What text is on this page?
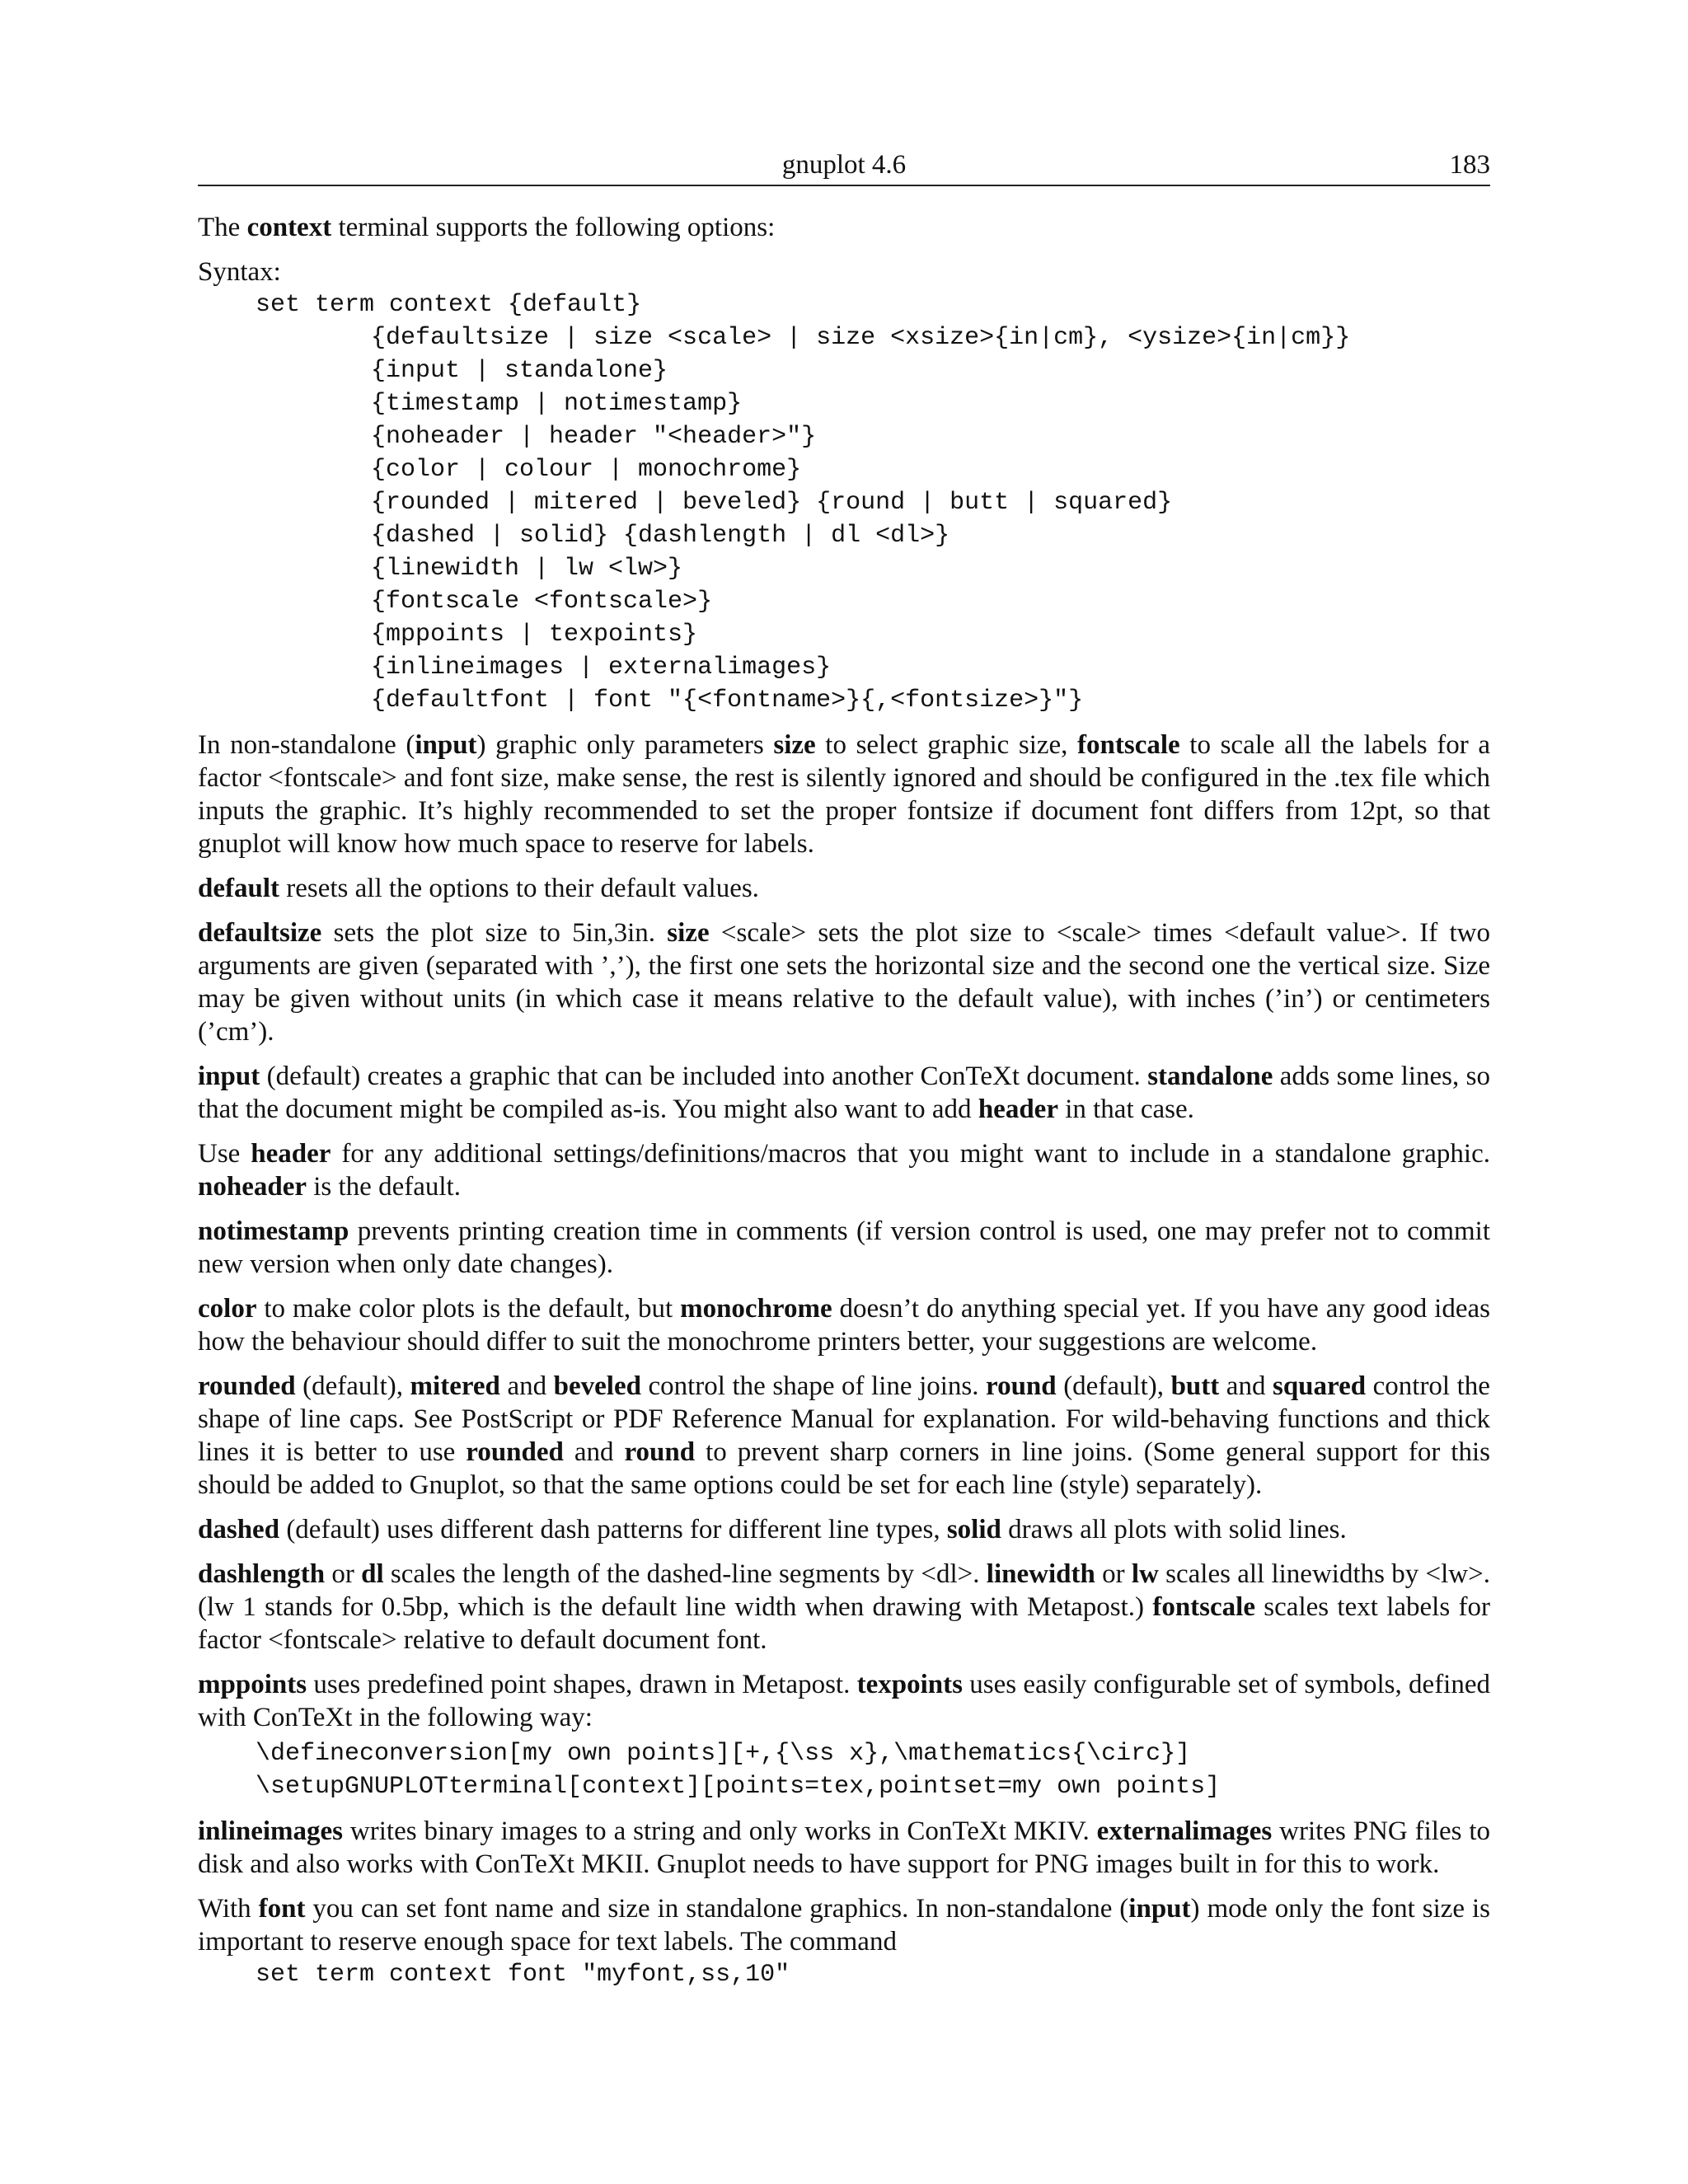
gnuplot 4.6	183

The context terminal supports the following options:

Syntax:

set term context {default}
{defaultsize | size <scale> | size <xsize>{in|cm}, <ysize>{in|cm}}
{input | standalone}
{timestamp | notimestamp}
{noheader | header "<header>"}
{color | colour | monochrome}
{rounded | mitered | beveled} {round | butt | squared}
{dashed | solid} {dashlength | dl <dl>}
{linewidth | lw <lw>}
{fontscale <fontscale>}
{mppoints | texpoints}
{inlineimages | externalimages}
{defaultfont | font "{<fontname>}{,<fontsize>}"}

In non-standalone (input) graphic only parameters size to select graphic size, fontscale to scale all the labels for a factor <fontscale> and font size, make sense, the rest is silently ignored and should be configured in the .tex file which inputs the graphic. It’s highly recommended to set the proper fontsize if document font differs from 12pt, so that gnuplot will know how much space to reserve for labels.

default resets all the options to their default values.

defaultsize sets the plot size to 5in,3in. size <scale> sets the plot size to <scale> times <default value>. If two arguments are given (separated with ’,’), the first one sets the horizontal size and the second one the vertical size. Size may be given without units (in which case it means relative to the default value), with inches (’in’) or centimeters (’cm’).

input (default) creates a graphic that can be included into another ConTeXt document. standalone adds some lines, so that the document might be compiled as-is. You might also want to add header in that case.

Use header for any additional settings/definitions/macros that you might want to include in a standalone graphic. noheader is the default.

notimestamp prevents printing creation time in comments (if version control is used, one may prefer not to commit new version when only date changes).

color to make color plots is the default, but monochrome doesn’t do anything special yet. If you have any good ideas how the behaviour should differ to suit the monochrome printers better, your suggestions are welcome.

rounded (default), mitered and beveled control the shape of line joins. round (default), butt and squared control the shape of line caps. See PostScript or PDF Reference Manual for explanation. For wild-behaving functions and thick lines it is better to use rounded and round to prevent sharp corners in line joins. (Some general support for this should be added to Gnuplot, so that the same options could be set for each line (style) separately).

dashed (default) uses different dash patterns for different line types, solid draws all plots with solid lines.

dashlength or dl scales the length of the dashed-line segments by <dl>. linewidth or lw scales all linewidths by <lw>. (lw 1 stands for 0.5bp, which is the default line width when drawing with Metapost.) fontscale scales text labels for factor <fontscale> relative to default document font.

mppoints uses predefined point shapes, drawn in Metapost. texpoints uses easily configurable set of symbols, defined with ConTeXt in the following way:

\defineconversion[my own points][+,{\ss x},\mathematics{\circ}]
\setupGNUPLOTterminal[context][points=tex,pointset=my own points]

inlineimages writes binary images to a string and only works in ConTeXt MKIV. externalimages writes PNG files to disk and also works with ConTeXt MKII. Gnuplot needs to have support for PNG images built in for this to work.

With font you can set font name and size in standalone graphics. In non-standalone (input) mode only the font size is important to reserve enough space for text labels. The command

set term context font "myfont,ss,10"
